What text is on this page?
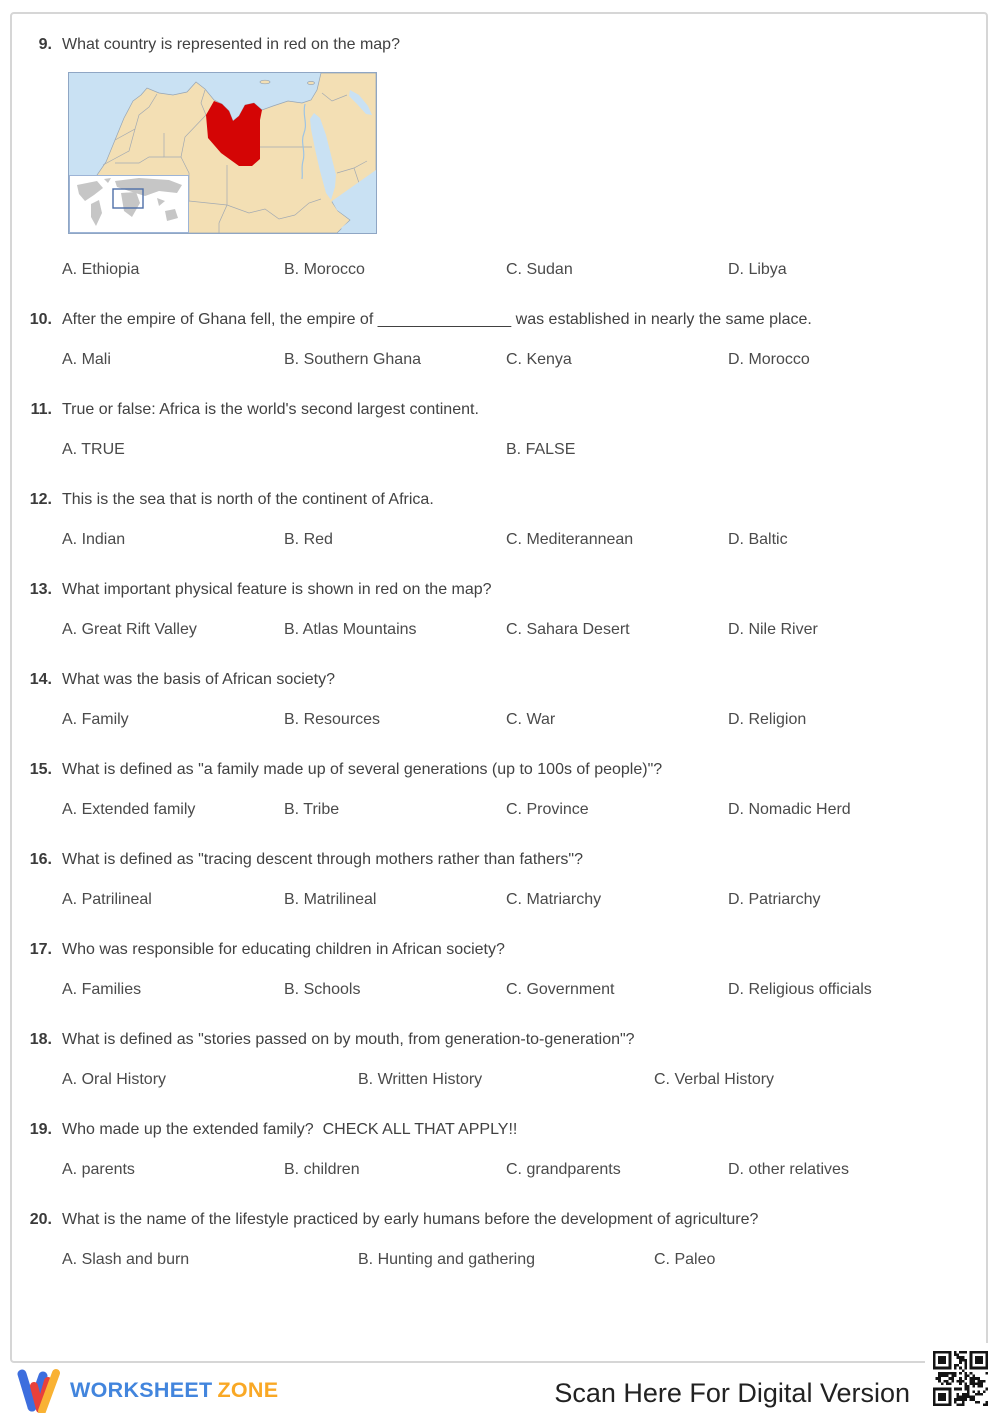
9. What country is represented in red on the map?
A. Ethiopia	B. Morocco	C. Sudan	D. Libya
10. After the empire of Ghana fell, the empire of _______________ was established in nearly the same place.
A. Mali	B. Southern Ghana	C. Kenya	D. Morocco
11. True or false: Africa is the world's second largest continent.
A. TRUE	B. FALSE
12. This is the sea that is north of the continent of Africa.
A. Indian	B. Red	C. Mediterannean	D. Baltic
13. What important physical feature is shown in red on the map?
A. Great Rift Valley	B. Atlas Mountains	C. Sahara Desert	D. Nile River
14. What was the basis of African society?
A. Family	B. Resources	C. War	D. Religion
15. What is defined as "a family made up of several generations (up to 100s of people)"?
A. Extended family	B. Tribe	C. Province	D. Nomadic Herd
16. What is defined as "tracing descent through mothers rather than fathers"?
A. Patrilineal	B. Matrilineal	C. Matriarchy	D. Patriarchy
17. Who was responsible for educating children in African society?
A. Families	B. Schools	C. Government	D. Religious officials
18. What is defined as "stories passed on by mouth, from generation-to-generation"?
A. Oral History	B. Written History	C. Verbal History
19. Who made up the extended family?  CHECK ALL THAT APPLY!!
A. parents	B. children	C. grandparents	D. other relatives
20. What is the name of the lifestyle practiced by early humans before the development of agriculture?
A. Slash and burn	B. Hunting and gathering	C. Paleo
WORKSHEET ZONE	Scan Here For Digital Version
